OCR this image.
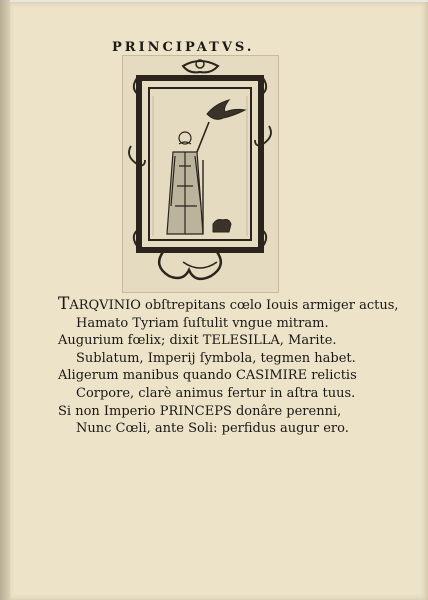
PRINCIPATVS.
TARQVINIO obſtrepitans cœlo Iouis armiger actus,
Hamato Tyriam ſuſtulit vngue mitram.
Augurium fœlix; dixit TELESILLA, Marite.
Sublatum, Imperij ſymbola, tegmen habet.
Aligerum manibus quando CASIMIRE relictis
Corpore, clarè animus fertur in aſtra tuus.
Si non Imperio PRINCEPS donâre perenni,
Nunc Cœli, ante Soli: perfidus augur ero.
